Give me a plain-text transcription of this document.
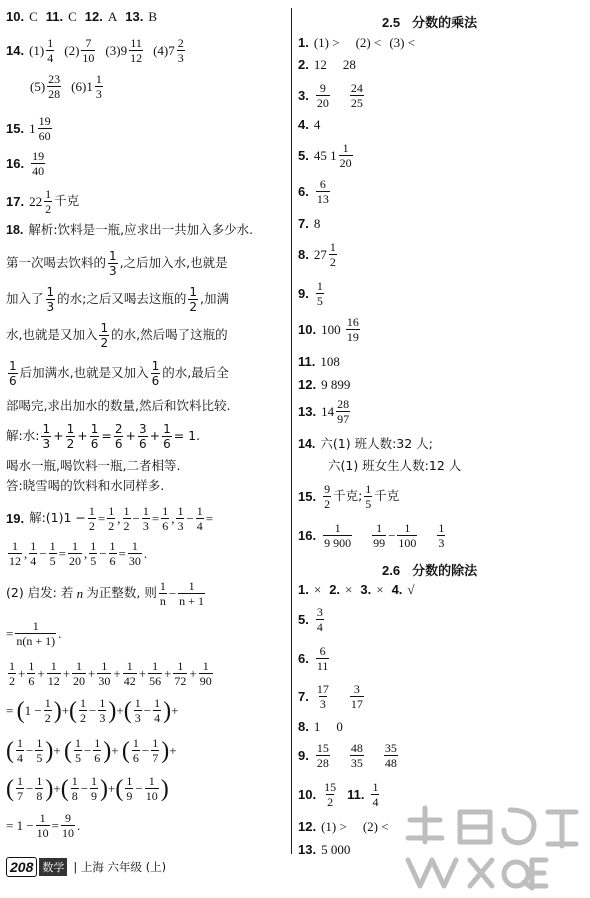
10. C 11. C 12. A 13. B
14. $(1) \frac{1}{4} (2) \frac{7}{10} (3)$ $9 \frac{11}{12} (4)$ $7 \frac{2}{3}$
$(5) \frac{23}{28} (6)$ $1 \frac{1}{3}$
15. $1 \frac{19}{60}$
16. $\frac{19}{40}$
17. $22 \frac{1}{2}$ 千克
18. 解析:饮料是一瓶,应求出一共加入多少水.
第一次喝去饮料的 $\frac{1}{3}$ ,之后加入水,也就是
加入了 $\frac{1}{3}$ 的水;之后又喝去这瓶的 $\frac{1}{2}$ ,加满
水,也就是又加入 $\frac{1}{2}$ 的水,然后喝了这瓶的
$\frac{1}{6}$ 后加满水,也就是又加入 $\frac{1}{6}$ 的水,最后全
部喝完,求出加水的数量,然后和饮料比较.
解:水: $\frac{1}{3} + \frac{1}{2} + \frac{1}{6} = \frac{2}{6} + \frac{3}{6} + \frac{1}{6} = 1$.
喝水一瓶,喝饮料一瓶,二者相等.
答:晓雪喝的饮料和水同样多.
19. 解:(1)1 − $\frac{1}{2} = \frac{1}{2}$ , $\frac{1}{2} - \frac{1}{3} = \frac{1}{6}$ , $\frac{1}{3} - \frac{1}{4}$ =
$\frac{1}{12}$ , $\frac{1}{4} - \frac{1}{5} = \frac{1}{20}$ , $\frac{1}{5} - \frac{1}{6} = \frac{1}{30}$ .
(2) 启发: 若
n
为正整数, 则 $\frac{1}{n} - \frac{1}{n + 1}$
= $\frac{1}{n(n + 1)}$ .
$\frac{1}{2} + \frac{1}{6} + \frac{1}{12} + \frac{1}{20} + \frac{1}{30} + \frac{1}{42} + \frac{1}{56} + \frac{1}{72} + \frac{1}{90}$
= ( $1 - \frac{1}{2}$ ) + ( $\frac{1}{2} - \frac{1}{3}$ ) + ( $\frac{1}{3} - \frac{1}{4}$ ) +
( $\frac{1}{4} - \frac{1}{5}$ ) + ( $\frac{1}{5} - \frac{1}{6}$ ) + ( $\frac{1}{6} - \frac{1}{7}$ ) +
( $\frac{1}{7} - \frac{1}{8}$ ) + ( $\frac{1}{8} - \frac{1}{9}$ ) + ( $\frac{1}{9} - \frac{1}{10}$ )
= $1 - \frac{1}{10} = \frac{9}{10}$ .
2.5 分数的乘法
1. (1) > (2) < (3) <
2. 12 28
3. $\frac{9}{20} \frac{24}{25}$
4. 4
5. 45
$1 \frac{1}{20}$
6. $\frac{6}{13}$
7. 8
8. $27 \frac{1}{2}$
9. $\frac{1}{5}$
10. 100
$\frac{16}{19}$
11. 108
12. 9 899
13. $14 \frac{28}{97}$
14. 六(1) 班人数:32 人;
六(1) 班女生人数:12 人
15. $\frac{9}{2}$ 千克; $\frac{1}{5}$ 千克
16. $\frac{1}{9 900} \frac{1}{99} - \frac{1}{100} \frac{1}{3}$
2.6 分数的除法
1. × 2. × 3. × 4. √
5. $\frac{3}{4}$
6. $\frac{6}{11}$
7. $\frac{17}{3} \frac{3}{17}$
8. 1 0
9. $\frac{15}{28} \frac{48}{35} \frac{35}{48}$
10. $\frac{15}{2} 11$. $\frac{1}{4}$
12. (1) > (2) <
13. 5 000
208 数学 | 上海 六年级 (上)
